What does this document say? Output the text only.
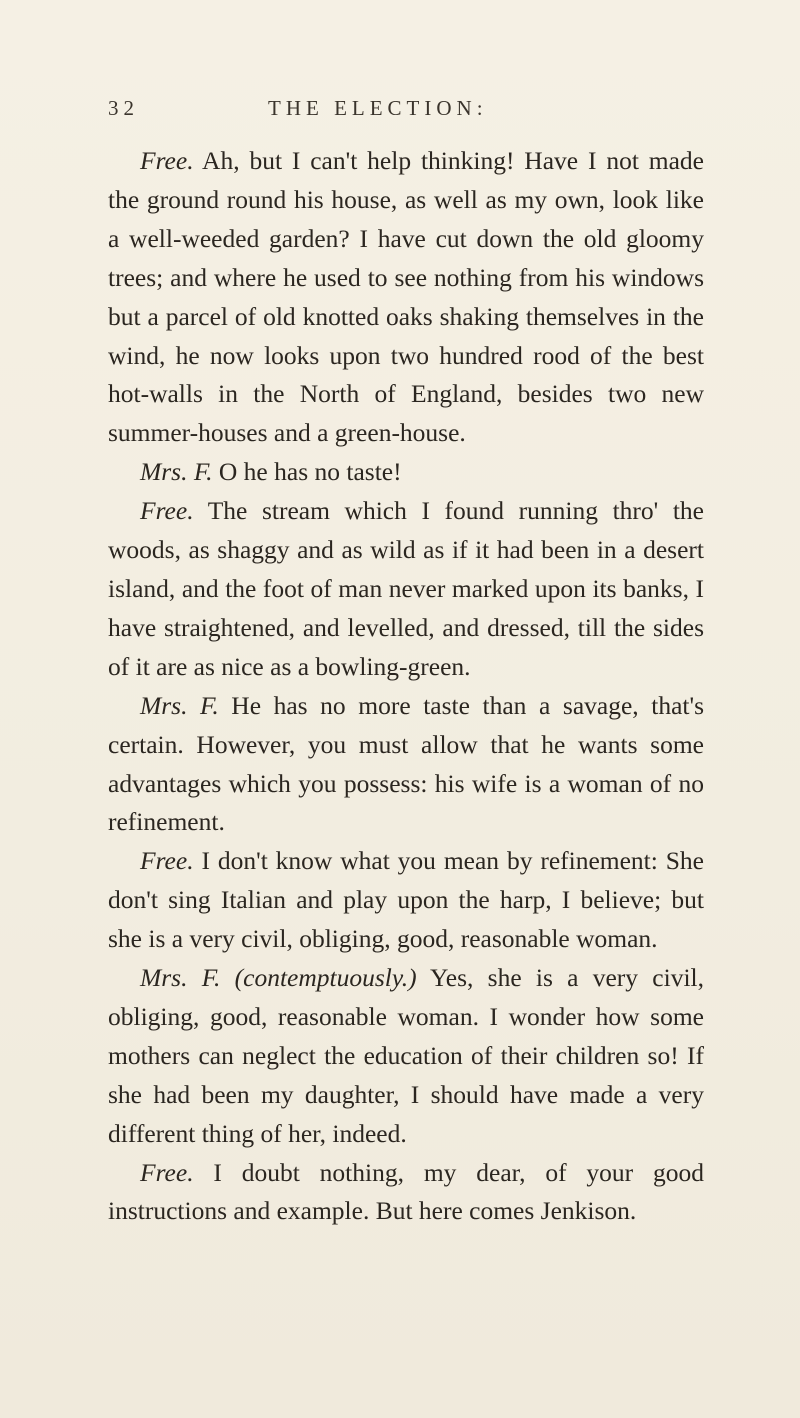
32	THE ELECTION:

Free. Ah, but I can't help thinking! Have I not made the ground round his house, as well as my own, look like a well-weeded garden? I have cut down the old gloomy trees; and where he used to see nothing from his windows but a parcel of old knotted oaks shaking themselves in the wind, he now looks upon two hundred rood of the best hot-walls in the North of England, besides two new summer-houses and a green-house.

Mrs. F. O he has no taste!

Free. The stream which I found running thro' the woods, as shaggy and as wild as if it had been in a desert island, and the foot of man never marked upon its banks, I have straightened, and levelled, and dressed, till the sides of it are as nice as a bowling-green.

Mrs. F. He has no more taste than a savage, that's certain. However, you must allow that he wants some advantages which you possess: his wife is a woman of no refinement.

Free. I don't know what you mean by refinement: She don't sing Italian and play upon the harp, I believe; but she is a very civil, obliging, good, reasonable woman.

Mrs. F. (contemptuously.) Yes, she is a very civil, obliging, good, reasonable woman. I wonder how some mothers can neglect the education of their children so! If she had been my daughter, I should have made a very different thing of her, indeed.

Free. I doubt nothing, my dear, of your good instructions and example. But here comes Jenkison.
